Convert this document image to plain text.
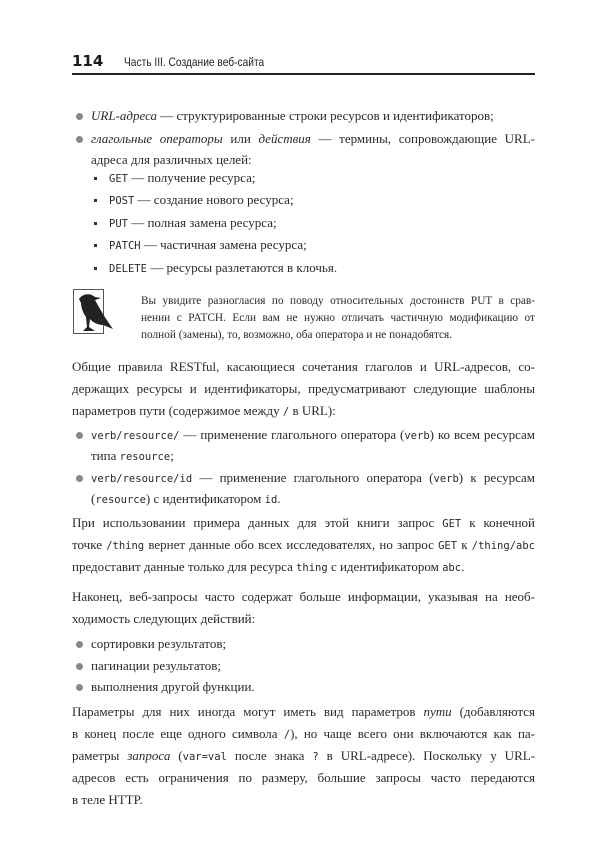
114 Часть III. Создание веб-сайта
URL-адреса — структурированные строки ресурсов и идентификаторов;
глагольные операторы или действия — термины, сопровождающие URL-
адреса для различных целей:
GET — получение ресурса;
POST — создание нового ресурса;
PUT — полная замена ресурса;
PATCH — частичная замена ресурса;
DELETE — ресурсы разлетаются в клочья.
Вы увидите разногласия по поводу относительных достоинств PUT в срав-
нении с PATCH. Если вам не нужно отличать частичную модификацию от
полной (замены), то, возможно, оба оператора и не понадобятся.
Общие правила RESTful, касающиеся сочетания глаголов и URL-адресов, со-
держащих ресурсы и идентификаторы, предусматривают следующие шаблоны
параметров пути (содержимое между / в URL):
verb/resource/ — применение глагольного оператора (verb) ко всем ресурсам
типа resource;
verb/resource/id — применение глагольного оператора (verb) к ресурсам
(resource) с идентификатором id.
При использовании примера данных для этой книги запрос GET к конечной
точке /thing вернет данные обо всех исследователях, но запрос GET к /thing/abc
предоставит данные только для ресурса thing с идентификатором abc.
Наконец, веб-запросы часто содержат больше информации, указывая на необ-
ходимость следующих действий:
сортировки результатов;
пагинации результатов;
выполнения другой функции.
Параметры для них иногда могут иметь вид параметров пути (добавляются
в конец после еще одного символа /), но чаще всего они включаются как па-
раметры запроса (var=val после знака ? в URL-адресе). Поскольку у URL-
адресов есть ограничения по размеру, большие запросы часто передаются
в теле HTTP.
